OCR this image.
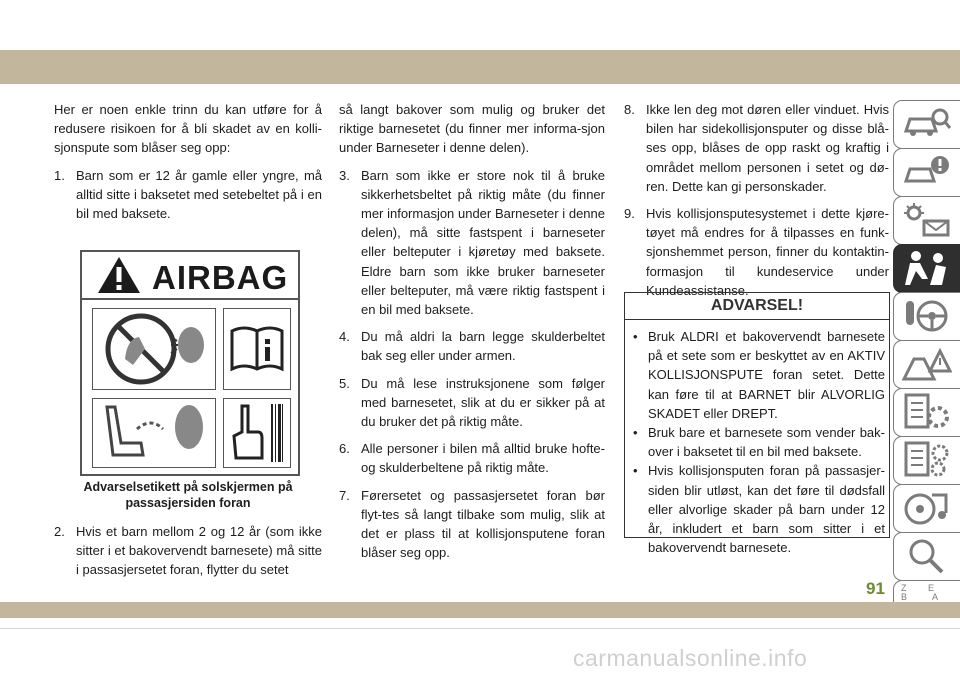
Her er noen enkle trinn du kan utføre for å redusere risikoen for å bli skadet av en kolli-sjonspute som blåser seg opp:

1. Barn som er 12 år gamle eller yngre, må alltid sitte i baksetet med setebeltet på i en bil med baksete.
AIRBAG
Advarselsetikett på solskjermen på passasjersiden foran
2. Hvis et barn mellom 2 og 12 år (som ikke sitter i et bakovervendt barnesete) må sitte i passasjersetet foran, flytter du setet

så langt bakover som mulig og bruker det riktige barnesetet (du finner mer informa-sjon under Barneseter i denne delen).

3. Barn som ikke er store nok til å bruke sikkerhetsbeltet på riktig måte (du finner mer informasjon under Barneseter i denne delen), må sitte fastspent i barneseter eller belteputer i kjøretøy med baksete. Eldre barn som ikke bruker barneseter eller belteputer, må være riktig fastspent i en bil med baksete.
4. Du må aldri la barn legge skulderbeltet bak seg eller under armen.
5. Du må lese instruksjonene som følger med barnesetet, slik at du er sikker på at du bruker det på riktig måte.
6. Alle personer i bilen må alltid bruke hofte- og skulderbeltene på riktig måte.
7. Førersetet og passasjersetet foran bør flyt-tes så langt tilbake som mulig, slik at det er plass til at kollisjonsputene foran blåser seg opp.
8. Ikke len deg mot døren eller vinduet. Hvis bilen har sidekollisjonsputer og disse blå-ses opp, blåses de opp raskt og kraftig i området mellom personen i setet og dø-ren. Dette kan gi personskader.
9. Hvis kollisjonsputesystemet i dette kjøre-tøyet må endres for å tilpasses en funk-sjonshemmet person, finner du kontaktin-formasjon til kundeservice under Kundeassistanse.
ADVARSEL!
• Bruk ALDRI et bakovervendt barnesete på et sete som er beskyttet av en AKTIV KOLLISJONSPUTE foran setet. Dette kan føre til at BARNET blir ALVORLIG SKADET eller DREPT.
• Bruk bare et barnesete som vender bak-over i baksetet til en bil med baksete.
• Hvis kollisjonsputen foran på passasjer-siden blir utløst, kan det føre til dødsfall eller alvorlige skader på barn under 12 år, inkludert et barn som sitter i et bakovervendt barnesete.
Z E
B	A
91
carmanualsonline.info
